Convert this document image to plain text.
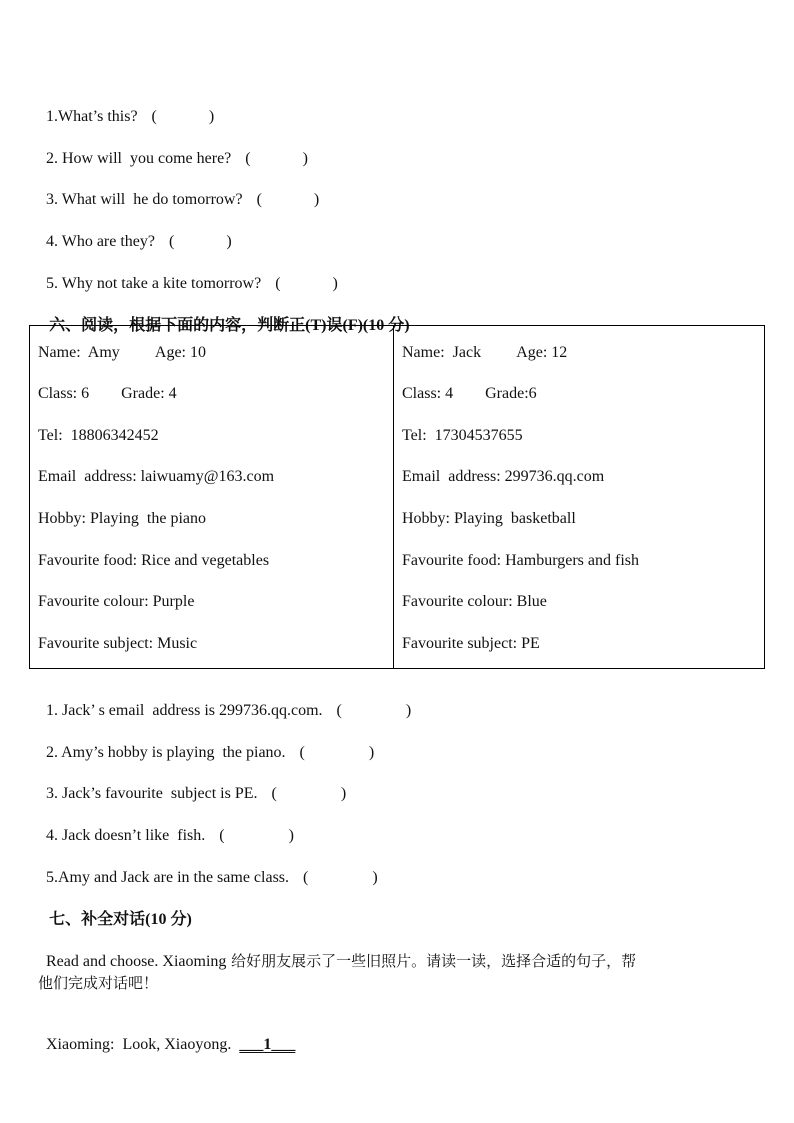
1.What’s this? (             )

2. How will  you come here? (             )

3. What will  he do tomorrow? (             )

4. Who are they? (             )

5. Why not take a kite tomorrow? (             )

六、阅读，根据下面的内容，判断正(T)误(F)(10 分)

Name:  Amy         Age: 10
Class: 6        Grade: 4
Tel:  18806342452
Email  address: laiwuamy@163.com
Hobby: Playing  the piano
Favourite food: Rice and vegetables
Favourite colour: Purple
Favourite subject: Music
Name:  Jack         Age: 12
Class: 4        Grade:6
Tel:  17304537655
Email  address: 299736.qq.com
Hobby: Playing  basketball
Favourite food: Hamburgers and fish
Favourite colour: Blue
Favourite subject: PE

1. Jack’ s email  address is 299736.qq.com. (                )

2. Amy’s hobby is playing  the piano. (                )

3. Jack’s favourite  subject is PE. (                )

4. Jack doesn’t like  fish. (                )

5.Amy and Jack are in the same class. (                )

七、补全对话(10 分)

Read and choose. Xiaoming 给好朋友展示了一些旧照片。请读一读，选择合适的句子，帮

他们完成对话吧！

Xiaoming:  Look, Xiaoyong. ___1___
